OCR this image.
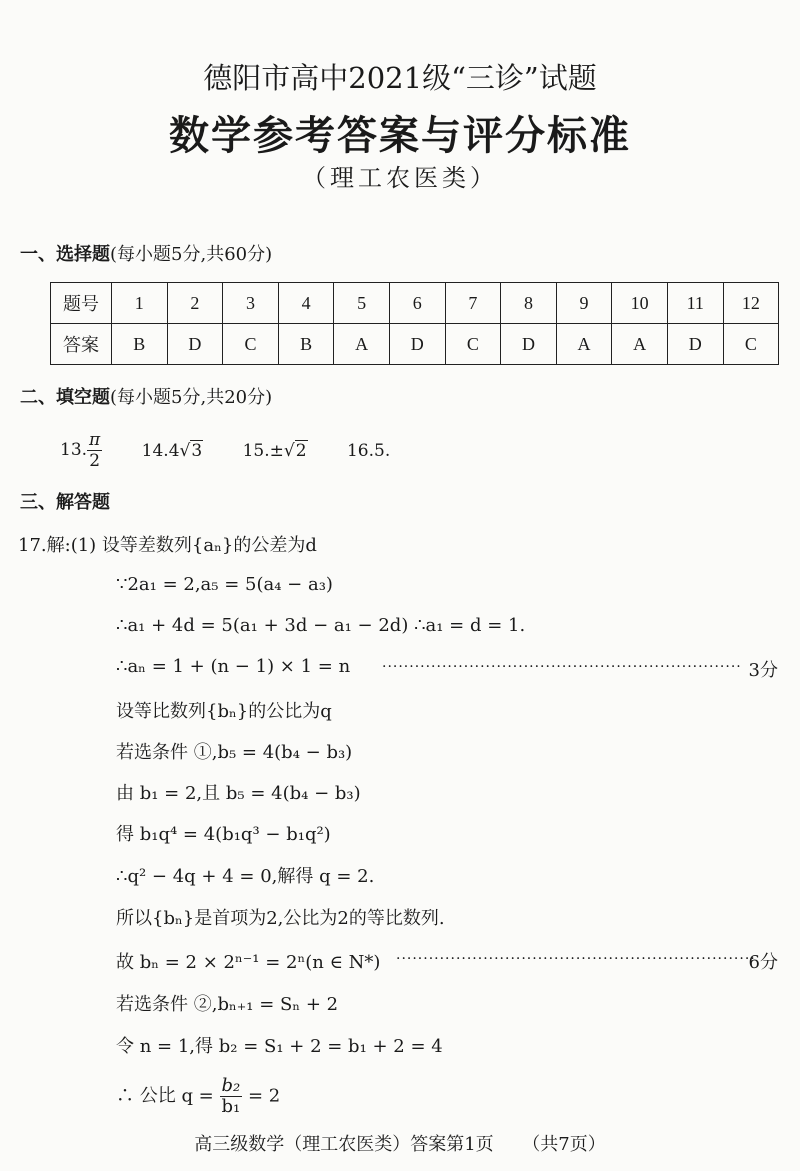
德阳市高中2021级“三诊”试题
数学参考答案与评分标准
（理工农医类）
一、选择题(每小题5分,共60分)
题号	1	2	3	4	5	6	7	8	9	10	11	12
答案	B	D	C	B	A	D	C	D	A	A	D	C
二、填空题(每小题5分,共20分)
13. $\frac{\pi}{2} 14.4√3$ 15.±√2 16.5.
三、解答题
17.解:(1) 设等差数列{aₙ}的公差为d
∵2a₁ = 2,a₅ = 5(a₄ − a₃)
∴a₁ + 4d = 5(a₁ + 3d − a₁ − 2d) ∴a₁ = d = 1.
∴aₙ = 1 + (n − 1) × 1 = n ·································································· 3分
设等比数列{bₙ}的公比为q
若选条件 ①,b₅ = 4(b₄ − b₃)
由 b₁ = 2,且 b₅ = 4(b₄ − b₃)
得 b₁q⁴ = 4(b₁q³ − b₁q²)
∴q² − 4q + 4 = 0,解得 q = 2.
所以{bₙ}是首项为2,公比为2的等比数列.
故 bₙ = 2 × 2ⁿ⁻¹ = 2ⁿ(n ∈ N*) ··································································
6分
若选条件 ②,bₙ₊₁ = Sₙ + 2
令 n = 1,得 b₂ = S₁ + 2 = b₁ + 2 = 4
∴ 公比 $q = \frac{\text{b₂}}{\text{b₁}} = 2$
高三级数学（理工农医类）答案第1页 （共7页）
